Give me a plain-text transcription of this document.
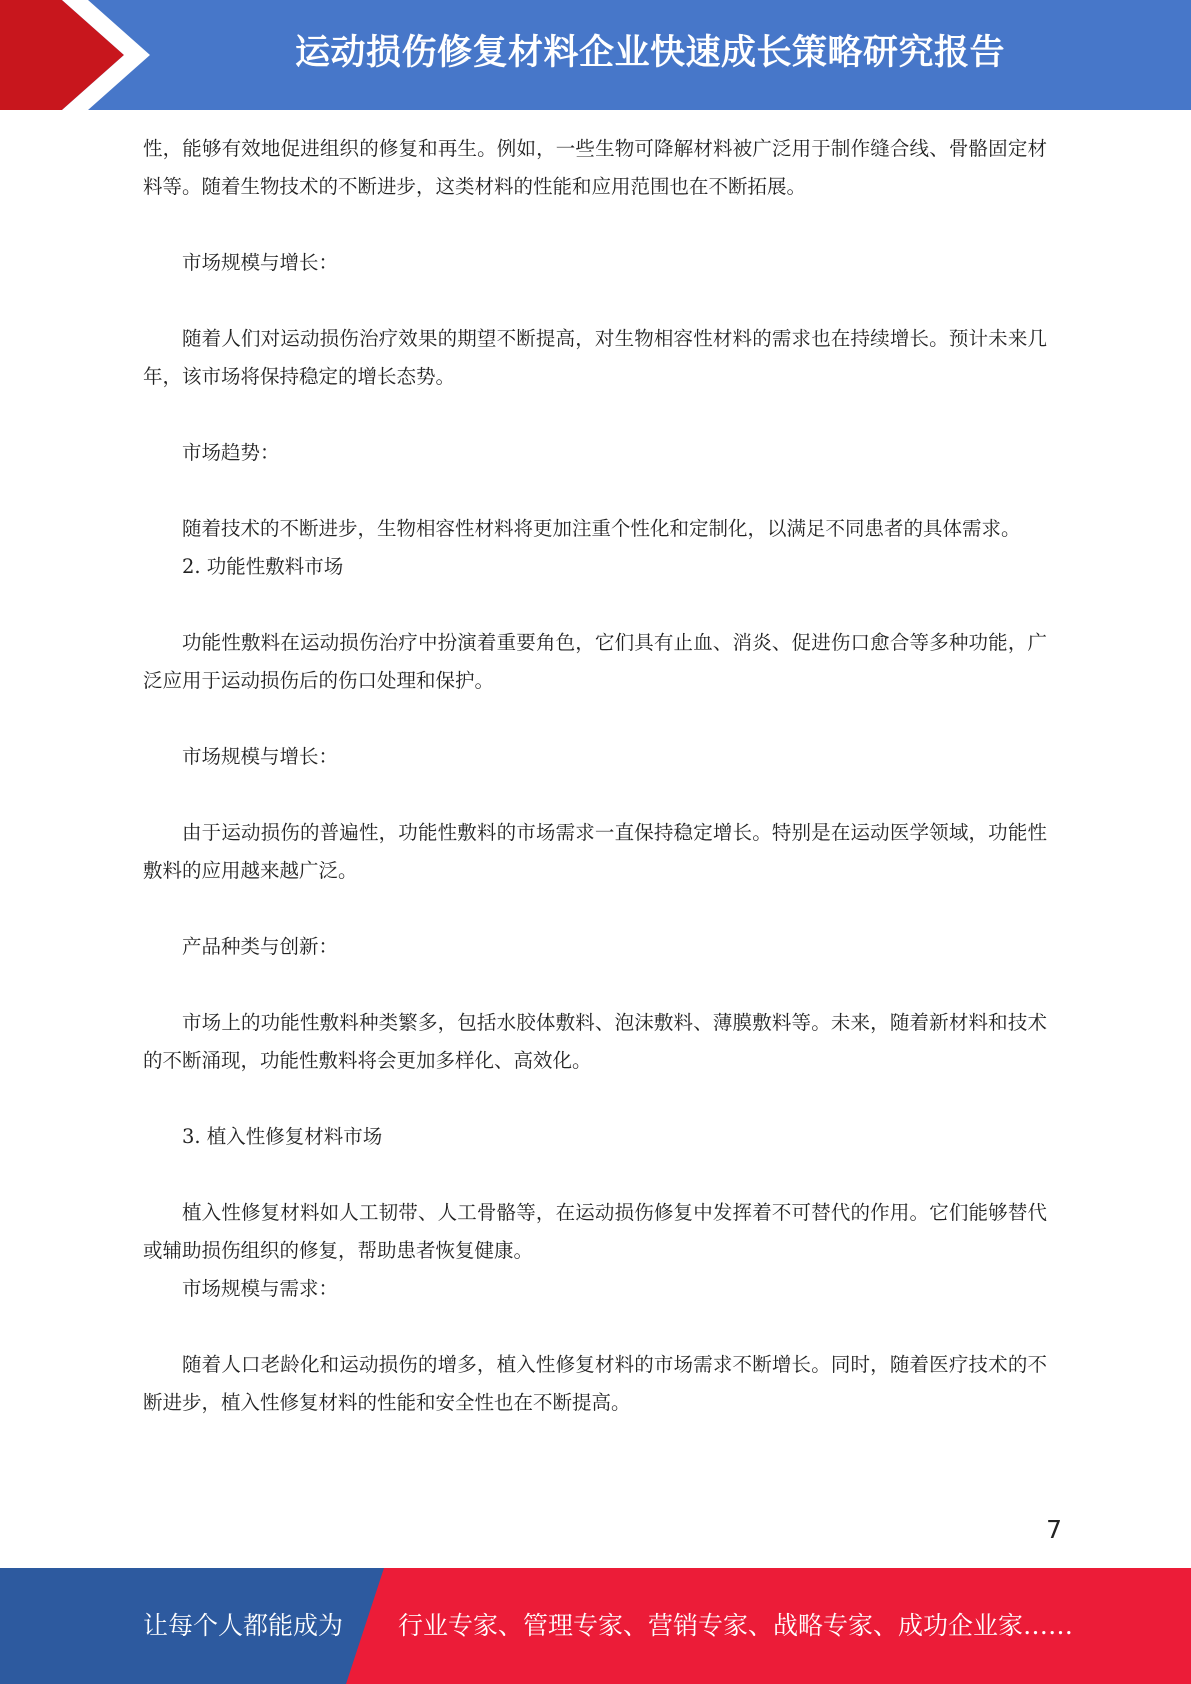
运动损伤修复材料企业快速成长策略研究报告

性，能够有效地促进组织的修复和再生。例如，一些生物可降解材料被广泛用于制作缝合线、骨骼固定材料等。随着生物技术的不断进步，这类材料的性能和应用范围也在不断拓展。

市场规模与增长：

随着人们对运动损伤治疗效果的期望不断提高，对生物相容性材料的需求也在持续增长。预计未来几年，该市场将保持稳定的增长态势。

市场趋势：

随着技术的不断进步，生物相容性材料将更加注重个性化和定制化，以满足不同患者的具体需求。

2. 功能性敷料市场

功能性敷料在运动损伤治疗中扮演着重要角色，它们具有止血、消炎、促进伤口愈合等多种功能，广泛应用于运动损伤后的伤口处理和保护。

市场规模与增长：

由于运动损伤的普遍性，功能性敷料的市场需求一直保持稳定增长。特别是在运动医学领域，功能性敷料的应用越来越广泛。

产品种类与创新：

市场上的功能性敷料种类繁多，包括水胶体敷料、泡沫敷料、薄膜敷料等。未来，随着新材料和技术的不断涌现，功能性敷料将会更加多样化、高效化。

3. 植入性修复材料市场

植入性修复材料如人工韧带、人工骨骼等，在运动损伤修复中发挥着不可替代的作用。它们能够替代或辅助损伤组织的修复，帮助患者恢复健康。

市场规模与需求：

随着人口老龄化和运动损伤的增多，植入性修复材料的市场需求不断增长。同时，随着医疗技术的不断进步，植入性修复材料的性能和安全性也在不断提高。

7
让每个人都能成为 行业专家、管理专家、营销专家、战略专家、成功企业家……
